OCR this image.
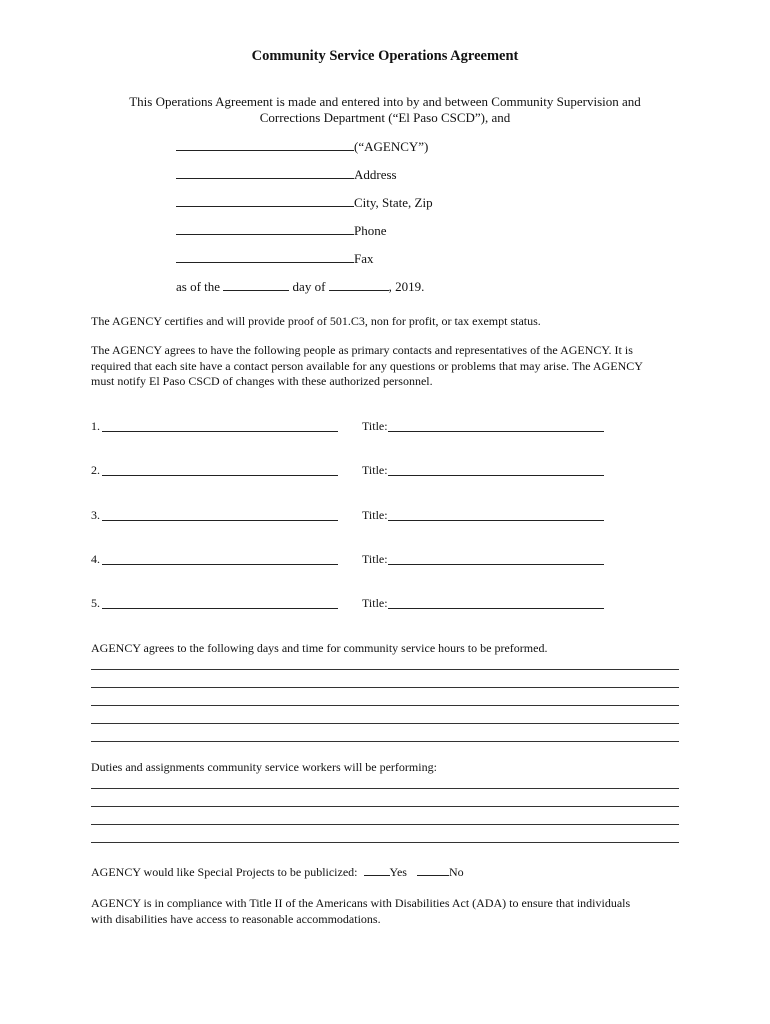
Community Service Operations Agreement
This Operations Agreement is made and entered into by and between Community Supervision and
Corrections Department (“El Paso CSCD”), and
(“AGENCY”)
Address
City, State, Zip
Phone
Fax
as of the	day of	, 2019.
The AGENCY certifies and will provide proof of 501.C3, non for profit, or tax exempt status.
The AGENCY agrees to have the following people as primary contacts and representatives of the AGENCY. It is
required that each site have a contact person available for any questions or problems that may arise. The AGENCY
must notify El Paso CSCD of changes with these authorized personnel.
1.	Title:
2.	Title:
3.	Title:
4.	Title:
5.	Title:
AGENCY agrees to the following days and time for community service hours to be preformed.
Duties and assignments community service workers will be performing:
AGENCY would like Special Projects to be publicized:	Yes	No
AGENCY is in compliance with Title II of the Americans with Disabilities Act (ADA) to ensure that individuals
with disabilities have access to reasonable accommodations.
